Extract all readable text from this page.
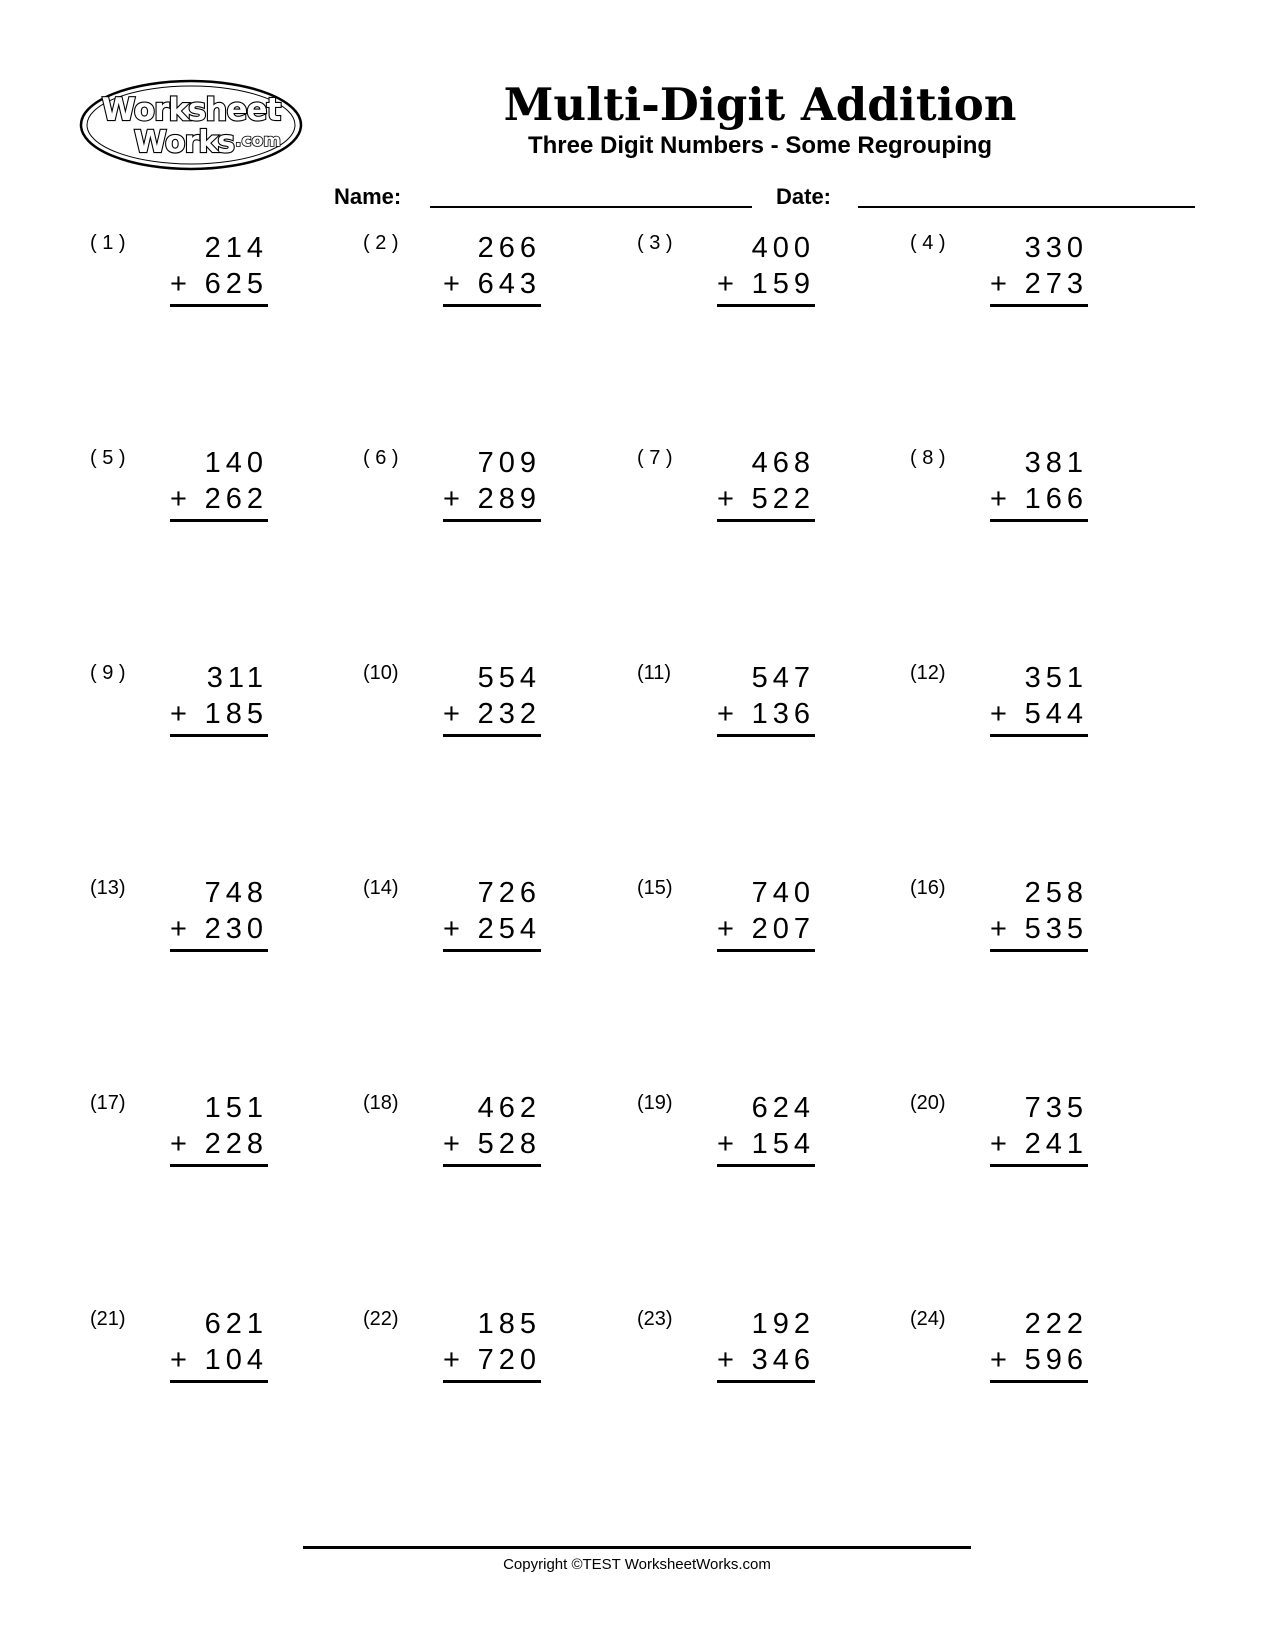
Worksheet
Works .com
Multi-Digit Addition
Three Digit Numbers - Some Regrouping
Name:	Date:
( 1 )	214
+ 625
( 2 )	266
+ 643
( 3 )	400
+ 159
( 4 )	330
+ 273
( 5 )	140
+ 262
( 6 )	709
+ 289
( 7 )	468
+ 522
( 8 )	381
+ 166
( 9 )	311
+ 185
(10)	554
+ 232
(11)	547
+ 136
(12)	351
+ 544
(13)	748
+ 230
(14)	726
+ 254
(15)	740
+ 207
(16)	258
+ 535
(17)	151
+ 228
(18)	462
+ 528
(19)	624
+ 154
(20)	735
+ 241
(21)	621
+ 104
(22)	185
+ 720
(23)	192
+ 346
(24)	222
+ 596
Copyright ©TEST WorksheetWorks.com
